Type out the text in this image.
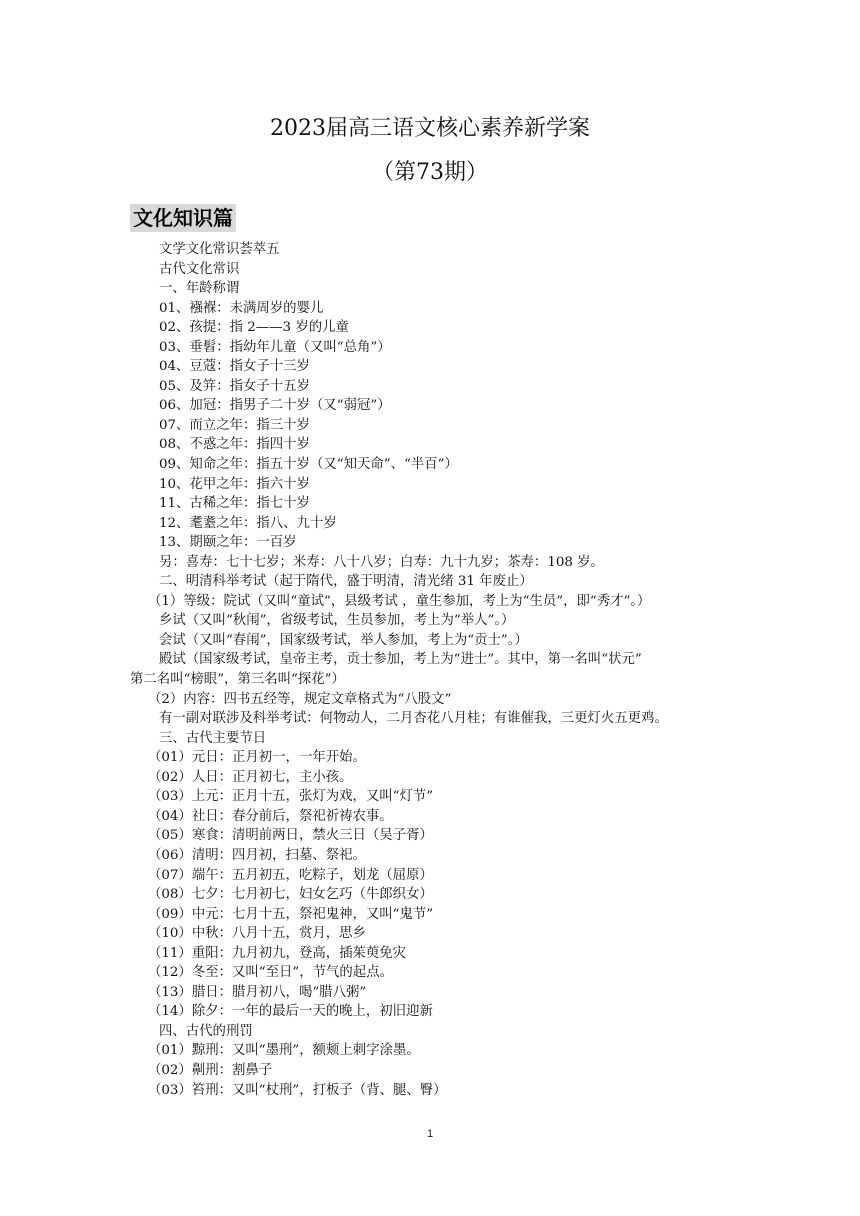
2023届高三语文核心素养新学案
（第73期）
文化知识篇
文学文化常识荟萃五
古代文化常识
一、年龄称谓
01、襁褓：未满周岁的婴儿
02、孩提：指 2——3 岁的儿童
03、垂髫：指幼年儿童（又叫“总角”）
04、豆蔻：指女子十三岁
05、及笄：指女子十五岁
06、加冠：指男子二十岁（又“弱冠”）
07、而立之年：指三十岁
08、不惑之年：指四十岁
09、知命之年：指五十岁（又“知天命”、“半百”）
10、花甲之年：指六十岁
11、古稀之年：指七十岁
12、耄耋之年：指八、九十岁
13、期颐之年：一百岁
另：喜寿：七十七岁；米寿：八十八岁；白寿：九十九岁；茶寿：108 岁。
二、明清科举考试（起于隋代，盛于明清，清光绪 31 年废止）
（1）等级：院试（又叫“童试”，县级考试 ，童生参加，考上为“生员”，即“秀才”。）
乡试（又叫“秋闱”，省级考试，生员参加，考上为“举人”。）
会试（又叫“春闱”，国家级考试，举人参加，考上为“贡士”。）
殿试（国家级考试，皇帝主考，贡士参加，考上为“进士”。其中，第一名叫“状元”
第二名叫“榜眼”，第三名叫“探花”）
（2）内容：四书五经等，规定文章格式为“八股文”
有一副对联涉及科举考试：何物动人，二月杏花八月桂；有谁催我，三更灯火五更鸡。
三、古代主要节日
（01）元日：正月初一，一年开始。
（02）人日：正月初七，主小孩。
（03）上元：正月十五，张灯为戏，又叫“灯节”
（04）社日：春分前后，祭祀祈祷农事。
（05）寒食：清明前两日，禁火三日（吴子胥）
（06）清明：四月初，扫墓、祭祀。
（07）端午：五月初五，吃粽子，划龙（屈原）
（08）七夕：七月初七，妇女乞巧（牛郎织女）
（09）中元：七月十五，祭祀鬼神，又叫“鬼节”
（10）中秋：八月十五，赏月，思乡
（11）重阳：九月初九，登高，插茱萸免灾
（12）冬至：又叫“至日”，节气的起点。
（13）腊日：腊月初八，喝“腊八粥”
（14）除夕：一年的最后一天的晚上，初旧迎新
四、古代的刑罚
（01）黥刑：又叫“墨刑”，额颊上刺字涂墨。
（02）劓刑：割鼻子
（03）笞刑：又叫“杖刑”，打板子（背、腿、臀）
1
